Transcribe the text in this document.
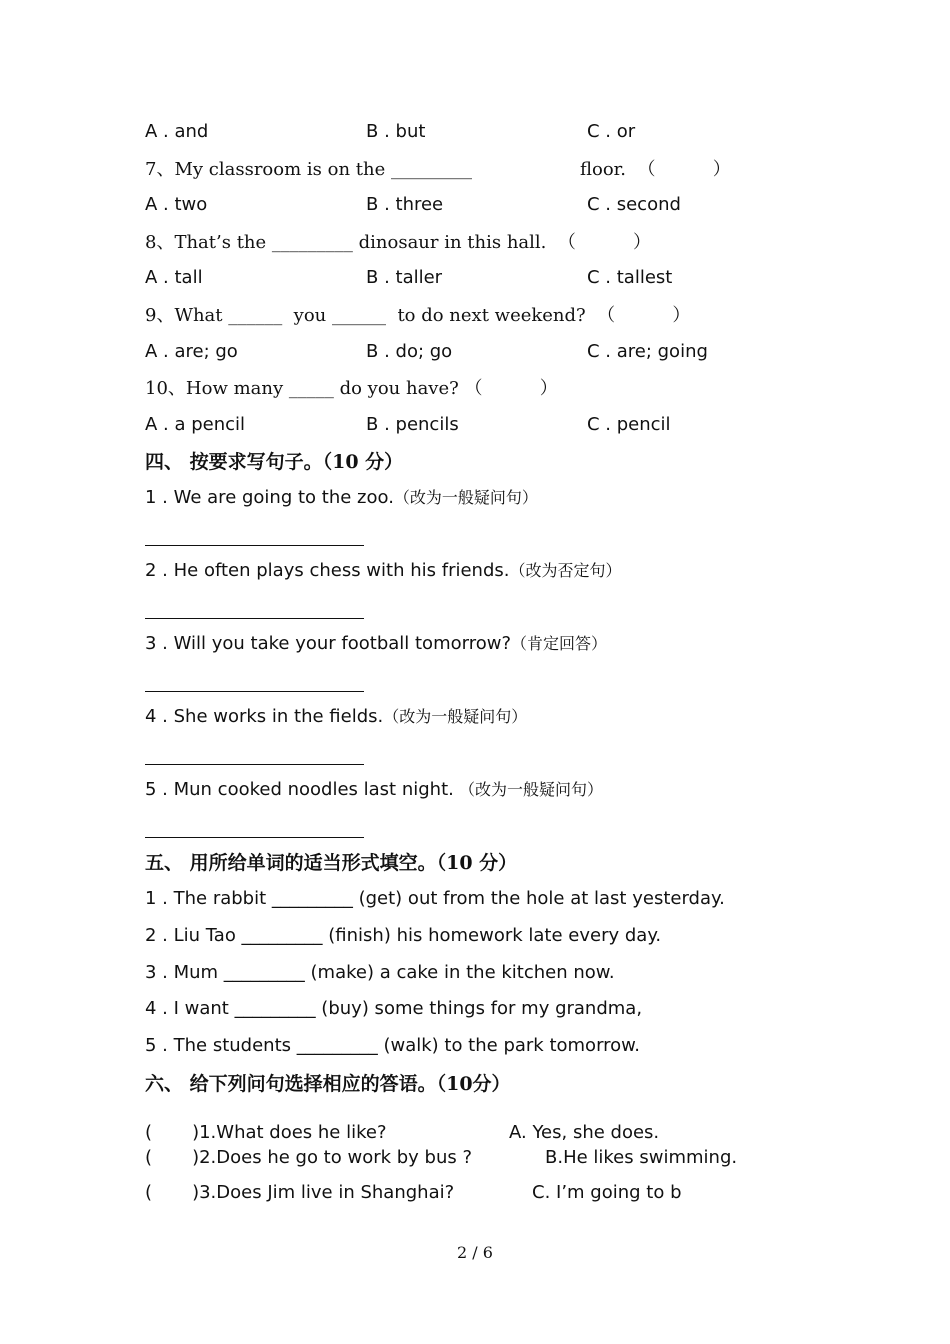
A . and	B . but	C . or
7、My classroom is on the _________	floor.  （          ）
A . two	B . three	C . second
8、That’s the _________ dinosaur in this hall.  （          ）
A . tall	B . taller	C . tallest
9、What ______  you ______  to do next weekend?  （          ）
A . are; go	B . do; go	C . are; going
10、How many _____ do you have? （          ）
A . a pencil	B . pencils	C . pencil
四、 按要求写句子。（10 分）
1 . We are going to the zoo.（改为一般疑问句）
2 . He often plays chess with his friends.（改为否定句）
3 . Will you take your football tomorrow?（肯定回答）
4 . She works in the fields.（改为一般疑问句）
5 . Mun cooked noodles last night. （改为一般疑问句）
五、 用所给单词的适当形式填空。（10 分）
1 . The rabbit _________ (get) out from the hole at last yesterday.
2 . Liu Tao _________ (finish) his homework late every day.
3 . Mum _________ (make) a cake in the kitchen now.
4 . I want _________ (buy) some things for my grandma,
5 . The students _________ (walk) to the park tomorrow.
六、 给下列问句选择相应的答语。（10分）
(       )1.What does he like?	A. Yes, she does.
(       )2.Does he go to work by bus ?	B.He likes swimming.
(       )3.Does Jim live in Shanghai?	C. I’m going to b
2 / 6
